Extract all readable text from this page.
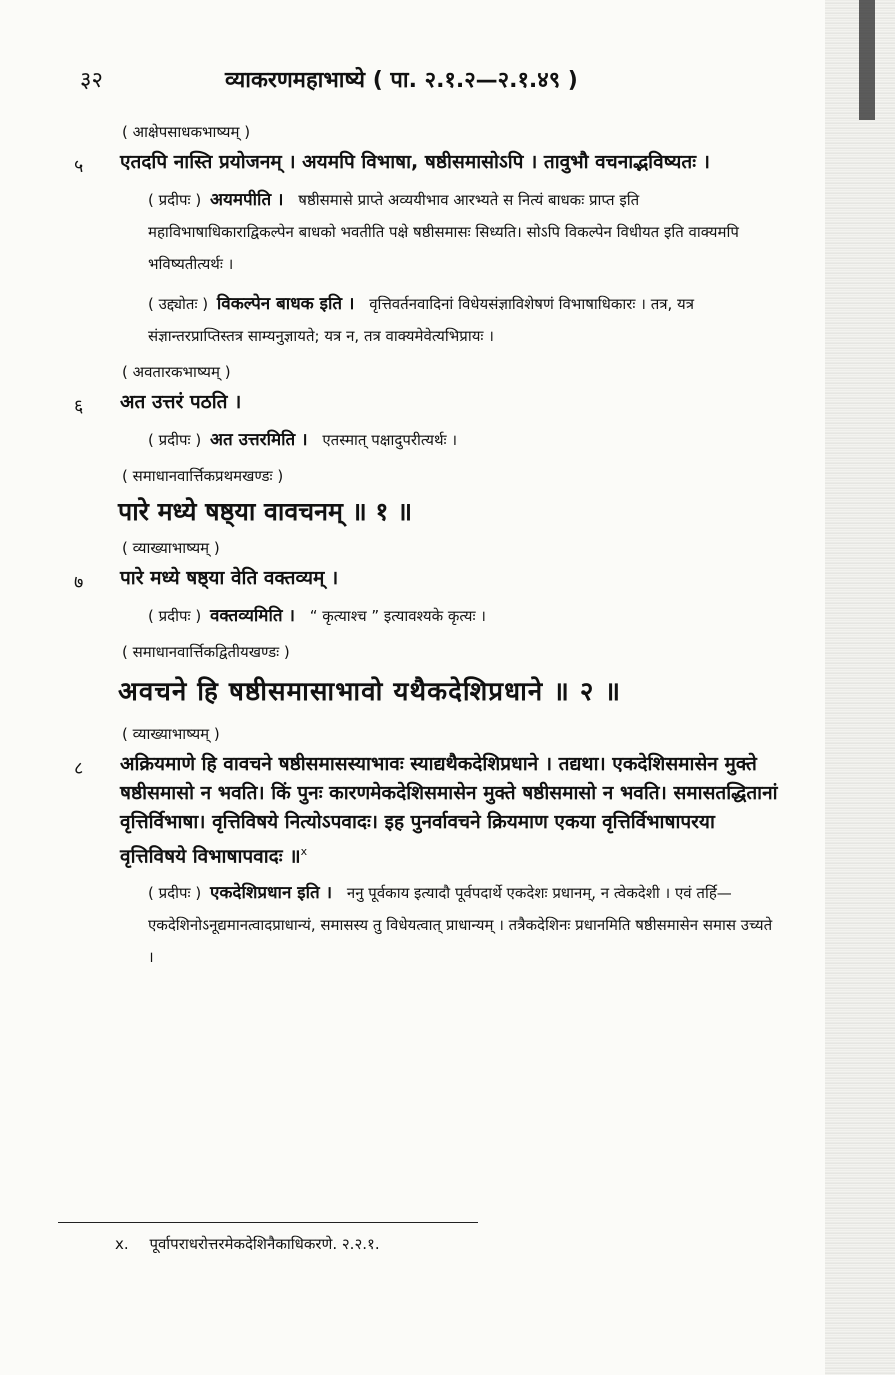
३२	व्याकरणमहाभाष्ये ( पा. २.१.२—२.१.४९ )
( आक्षेपसाधकभाष्यम् )
५	एतदपि नास्ति प्रयोजनम् । अयमपि विभाषा, षष्ठीसमासोऽपि । तावुभौ वचनाद्भविष्यतः ।

( प्रदीपः ) अयमपीति । षष्ठीसमासे प्राप्ते अव्ययीभाव आरभ्यते स नित्यं बाधकः प्राप्त इति महाविभाषाधिकाराद्विकल्पेन बाधको भवतीति पक्षे षष्ठीसमासः सिध्यति। सोऽपि विकल्पेन विधीयत इति वाक्यमपि भविष्यतीत्यर्थः ।
( उद्द्योतः ) विकल्पेन बाधक इति । वृत्तिवर्तनवादिनां विधेयसंज्ञाविशेषणं विभाषाधिकारः । तत्र, यत्र संज्ञान्तरप्राप्तिस्तत्र साम्यनुज्ञायते; यत्र न, तत्र वाक्यमेवेत्यभिप्रायः ।
( अवतारकभाष्यम् )
६	अत उत्तरं पठति ।

( प्रदीपः ) अत उत्तरमिति । एतस्मात् पक्षादुपरीत्यर्थः ।
( समाधानवार्त्तिकप्रथमखण्डः )
पारे मध्ये षष्ठ्या वावचनम् ॥ १ ॥
( व्याख्याभाष्यम् )
७	पारे मध्ये षष्ठ्या वेति वक्तव्यम् ।

( प्रदीपः ) वक्तव्यमिति । “ कृत्याश्च ” इत्यावश्यके कृत्यः ।
( समाधानवार्त्तिकद्वितीयखण्डः )
अवचने हि षष्ठीसमासाभावो यथैकदेशिप्रधाने ॥ २ ॥
( व्याख्याभाष्यम् )
८	अक्रियमाणे हि वावचने षष्ठीसमासस्याभावः स्याद्यथैकदेशिप्रधाने । तद्यथा। एकदेशिसमासेन मुक्ते षष्ठीसमासो न भवति। किं पुनः कारणमेकदेशिसमासेन मुक्ते षष्ठीसमासो न भवति। समासतद्धितानां वृत्तिर्विभाषा। वृत्तिविषये नित्योऽपवादः। इह पुनर्वावचने क्रियमाण एकया वृत्तिर्विभाषापरया वृत्तिविषये विभाषापवादः ॥$^x$

( प्रदीपः ) एकदेशिप्रधान इति । ननु पूर्वकाय इत्यादौ पूर्वपदार्थे एकदेशः प्रधानम्, न त्वेकदेशी । एवं तर्हि— एकदेशिनोऽनूद्यमानत्वादप्राधान्यं, समासस्य तु विधेयत्वात् प्राधान्यम् । तत्रैकदेशिनः प्रधानमिति षष्ठीसमासेन समास उच्यते ।
x. पूर्वापराधरोत्तरमेकदेशिनैकाधिकरणे. २.२.१.
